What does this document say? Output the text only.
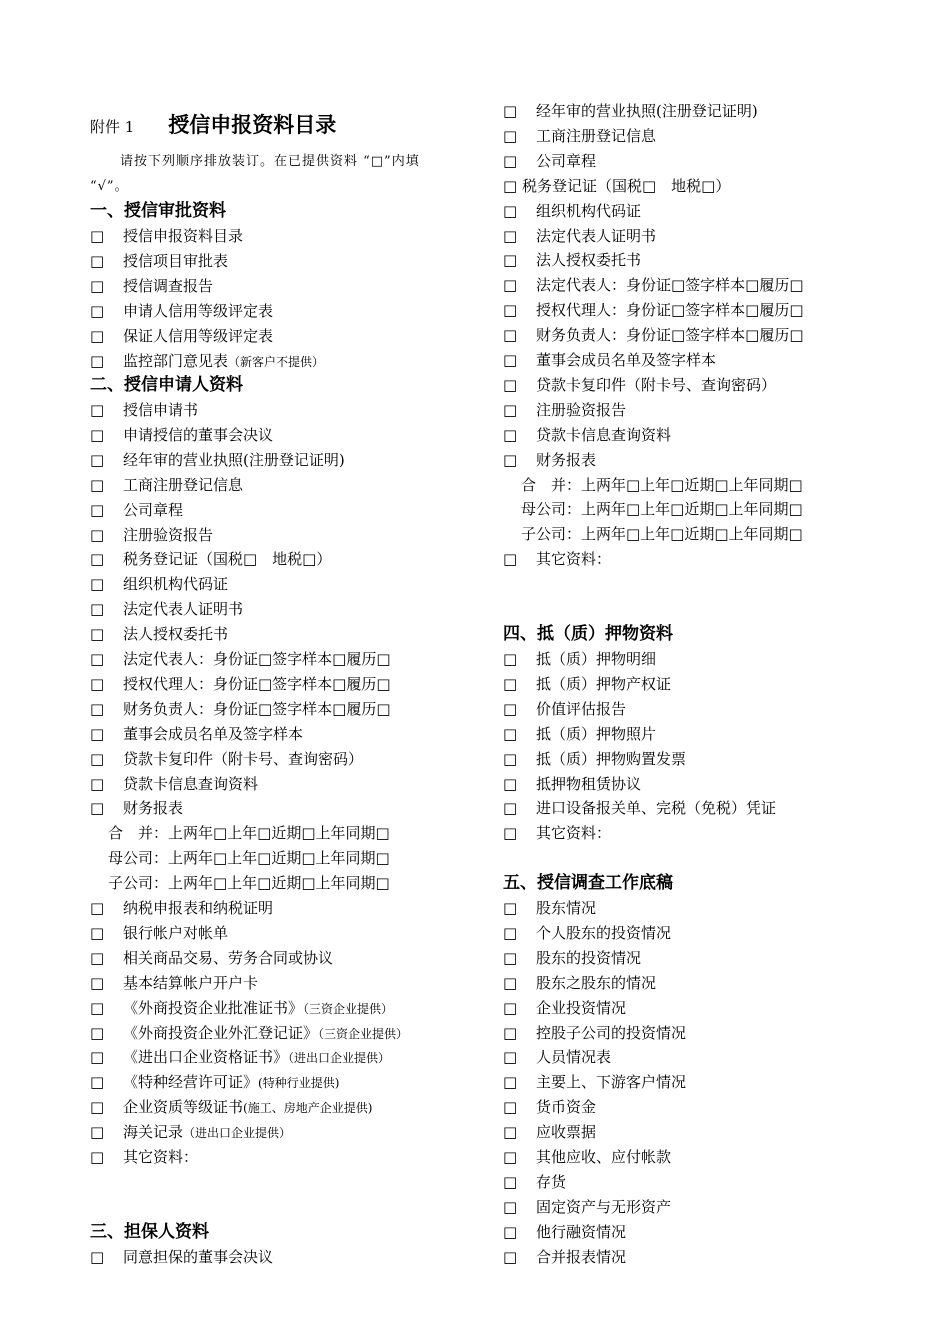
附件 1 授信申报资料目录
请按下列顺序排放装订。在已提供资料 “□”内填
“√”。
一、授信审批资料
□ 授信申报资料目录
□ 授信项目审批表
□ 授信调查报告
□ 申请人信用等级评定表
□ 保证人信用等级评定表
□ 监控部门意见表（新客户不提供）
二、授信申请人资料
□ 授信申请书
□ 申请授信的董事会决议
□ 经年审的营业执照(注册登记证明)
□ 工商注册登记信息
□ 公司章程
□ 注册验资报告
□ 税务登记证（国税□　地税□）
□ 组织机构代码证
□ 法定代表人证明书
□ 法人授权委托书
□ 法定代表人：身份证□签字样本□履历□
□ 授权代理人：身份证□签字样本□履历□
□ 财务负责人：身份证□签字样本□履历□
□ 董事会成员名单及签字样本
□ 贷款卡复印件（附卡号、查询密码）
□ 贷款卡信息查询资料
□ 财务报表
合　并：上两年□上年□近期□上年同期□
母公司：上两年□上年□近期□上年同期□
子公司：上两年□上年□近期□上年同期□
□ 纳税申报表和纳税证明
□ 银行帐户对帐单
□ 相关商品交易、劳务合同或协议
□ 基本结算帐户开户卡
□ 《外商投资企业批准证书》（三资企业提供）
□ 《外商投资企业外汇登记证》（三资企业提供）
□ 《进出口企业资格证书》（进出口企业提供）
□ 《特种经营许可证》(特种行业提供)
□ 企业资质等级证书(施工、房地产企业提供)
□ 海关记录（进出口企业提供）
□ 其它资料：
三、担保人资料
□ 同意担保的董事会决议
□ 经年审的营业执照(注册登记证明)
□ 工商注册登记信息
□ 公司章程
□ 税务登记证（国税□　地税□）
□ 组织机构代码证
□ 法定代表人证明书
□ 法人授权委托书
□ 法定代表人：身份证□签字样本□履历□
□ 授权代理人：身份证□签字样本□履历□
□ 财务负责人：身份证□签字样本□履历□
□ 董事会成员名单及签字样本
□ 贷款卡复印件（附卡号、查询密码）
□ 注册验资报告
□ 贷款卡信息查询资料
□ 财务报表
合　并：上两年□上年□近期□上年同期□
母公司：上两年□上年□近期□上年同期□
子公司：上两年□上年□近期□上年同期□
□ 其它资料：
四、抵（质）押物资料
□ 抵（质）押物明细
□ 抵（质）押物产权证
□ 价值评估报告
□ 抵（质）押物照片
□ 抵（质）押物购置发票
□ 抵押物租赁协议
□ 进口设备报关单、完税（免税）凭证
□ 其它资料：
五、授信调查工作底稿
□ 股东情况
□ 个人股东的投资情况
□ 股东的投资情况
□ 股东之股东的情况
□ 企业投资情况
□ 控股子公司的投资情况
□ 人员情况表
□ 主要上、下游客户情况
□ 货币资金
□ 应收票据
□ 其他应收、应付帐款
□ 存货
□ 固定资产与无形资产
□ 他行融资情况
□ 合并报表情况
